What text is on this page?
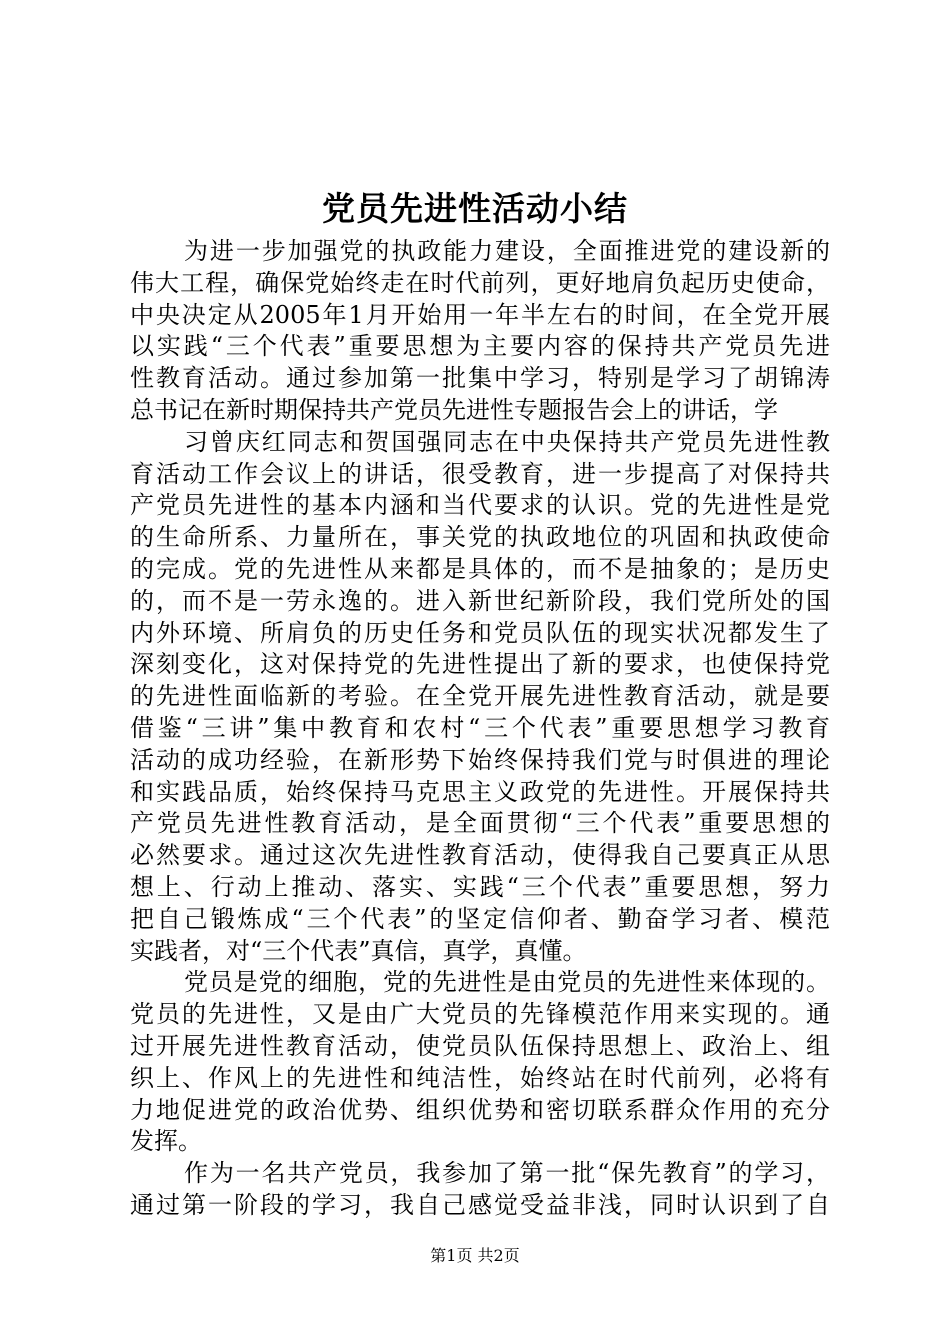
党员先进性活动小结
为进一步加强党的执政能力建设，全面推进党的建设新的
伟大工程，确保党始终走在时代前列，更好地肩负起历史使命，
中央决定从2005年1月开始用一年半左右的时间，在全党开展
以实践“三个代表”重要思想为主要内容的保持共产党员先进
性教育活动。通过参加第一批集中学习，特别是学习了胡锦涛
总书记在新时期保持共产党员先进性专题报告会上的讲话，学
习曾庆红同志和贺国强同志在中央保持共产党员先进性教
育活动工作会议上的讲话，很受教育，进一步提高了对保持共
产党员先进性的基本内涵和当代要求的认识。党的先进性是党
的生命所系、力量所在，事关党的执政地位的巩固和执政使命
的完成。党的先进性从来都是具体的，而不是抽象的；是历史
的，而不是一劳永逸的。进入新世纪新阶段，我们党所处的国
内外环境、所肩负的历史任务和党员队伍的现实状况都发生了
深刻变化，这对保持党的先进性提出了新的要求，也使保持党
的先进性面临新的考验。在全党开展先进性教育活动，就是要
借鉴“三讲”集中教育和农村“三个代表”重要思想学习教育
活动的成功经验，在新形势下始终保持我们党与时俱进的理论
和实践品质，始终保持马克思主义政党的先进性。开展保持共
产党员先进性教育活动，是全面贯彻“三个代表”重要思想的
必然要求。通过这次先进性教育活动，使得我自己要真正从思
想上、行动上推动、落实、实践“三个代表”重要思想，努力
把自己锻炼成“三个代表”的坚定信仰者、勤奋学习者、模范
实践者，对“三个代表”真信，真学，真懂。
党员是党的细胞，党的先进性是由党员的先进性来体现的。
党员的先进性，又是由广大党员的先锋模范作用来实现的。通
过开展先进性教育活动，使党员队伍保持思想上、政治上、组
织上、作风上的先进性和纯洁性，始终站在时代前列，必将有
力地促进党的政治优势、组织优势和密切联系群众作用的充分
发挥。
作为一名共产党员，我参加了第一批“保先教育”的学习，
通过第一阶段的学习，我自己感觉受益非浅，同时认识到了自
第1页 共2页
